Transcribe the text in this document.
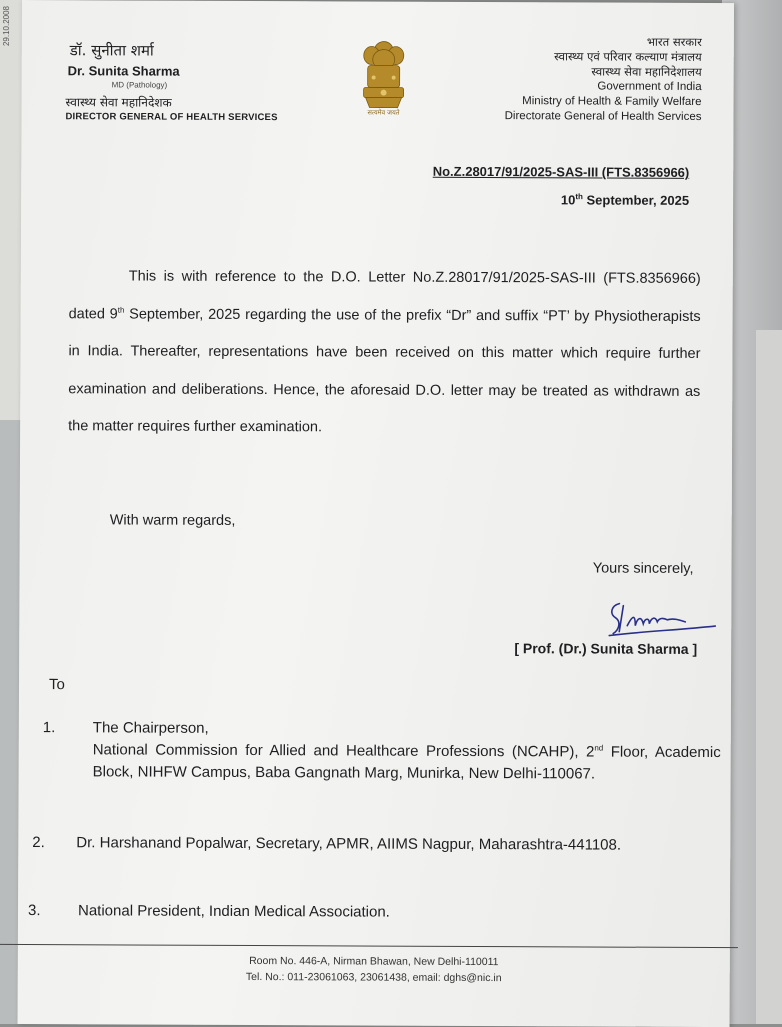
29.10.2008
डॉ. सुनीता शर्मा
Dr. Sunita Sharma
MD (Pathology)
स्वास्थ्य सेवा महानिदेशक
DIRECTOR GENERAL OF HEALTH SERVICES	सत्यमेव जयते
भारत सरकार
स्वास्थ्य एवं परिवार कल्याण मंत्रालय
स्वास्थ्य सेवा महानिदेशालय
Government of India
Ministry of Health & Family Welfare
Directorate General of Health Services
No.Z.28017/91/2025-SAS-III (FTS.8356966)
10th September, 2025
This is with reference to the D.O. Letter No.Z.28017/91/2025-SAS-III (FTS.8356966) dated 9th September, 2025 regarding the use of the prefix “Dr” and suffix “PT’ by Physiotherapists in India. Thereafter, representations have been received on this matter which require further examination and deliberations. Hence, the aforesaid D.O. letter may be treated as withdrawn as the matter requires further examination.
With warm regards,
Yours sincerely,
[ Prof. (Dr.) Sunita Sharma ]
To
1. The Chairperson,
National Commission for Allied and Healthcare Professions (NCAHP), 2nd Floor, Academic Block, NIHFW Campus, Baba Gangnath Marg, Munirka, New Delhi-110067.
2. Dr. Harshanand Popalwar, Secretary, APMR, AIIMS Nagpur, Maharashtra-441108.
3. National President, Indian Medical Association.
Room No. 446-A, Nirman Bhawan, New Delhi-110011
Tel. No.: 011-23061063, 23061438, email: dghs@nic.in
